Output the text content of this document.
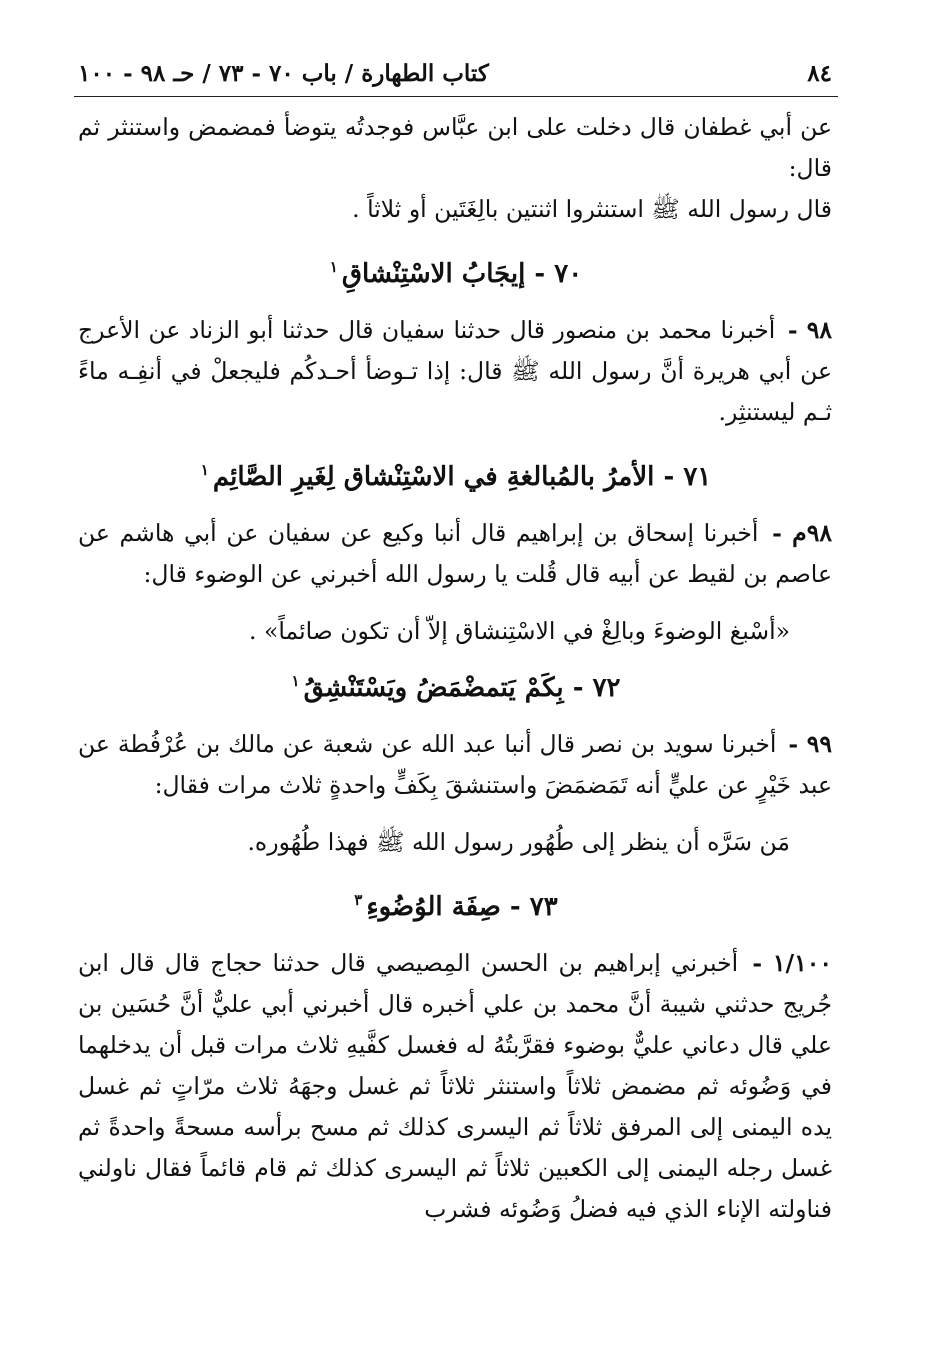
٨٤
كتاب الطهارة / باب ٧٠ - ٧٣ / حـ ٩٨ - ١٠٠

عن أبي غطفان قال دخلت على ابن عبَّاس فوجدتُه يتوضأ فمضمض واستنثر ثم قال:

قال رسول الله ﷺ استنثروا اثنتين بالِغَتَين أو ثلاثاً .

٧٠ - إيجَابُ الاسْتِنْشاقِ$^١$

٩٨ - أخبرنا محمد بن منصور قال حدثنا سفيان قال حدثنا أبو الزناد عن الأعرج عن أبي هريرة أنَّ رسول الله ﷺ قال: إذا تـوضأ أحـدكُم فليجعلْ في أنفِـه ماءً ثـم ليستنثِر.

٧١ - الأمرُ بالمُبالغةِ في الاسْتِنْشاق لِغَيرِ الصَّائِم$^١$

٩٨م - أخبرنا إسحاق بن إبراهيم قال أنبا وكيع عن سفيان عن أبي هاشم عن عاصم بن لقيط عن أبيه قال قُلت يا رسول الله أخبرني عن الوضوء قال:

«أسْبغ الوضوءَ وبالِغْ في الاسْتِنشاق إلاّ أن تكون صائماً» .
٧٢ - بِكَمْ يَتمضْمَضُ ويَسْتَنْشِقُ$^١$

٩٩ - أخبرنا سويد بن نصر قال أنبا عبد الله عن شعبة عن مالك بن عُرْفُطة عن عبد خَيْرٍ عن عليٍّ أنه تَمَضمَضَ واستنشقَ بِكَفٍّ واحدةٍ ثلاث مرات فقال:

مَن سَرَّه أن ينظر إلى طُهُور رسول الله ﷺ فهذا طُهُوره.
٧٣ - صِفَة الوُضُوءِ$^٣$

١/١٠٠ - أخبرني إبراهيم بن الحسن المِصيصي قال حدثنا حجاج قال قال ابن جُريج حدثني شيبة أنَّ محمد بن علي أخبره قال أخبرني أبي عليٌّ أنَّ حُسَين بن علي قال دعاني عليٌّ بوضوء فقرَّبتُهُ له فغسل كفَّيهِ ثلاث مرات قبل أن يدخلهما في وَضُوئه ثم مضمض ثلاثاً واستنثر ثلاثاً ثم غسل وجهَهُ ثلاث مرّاتٍ ثم غسل يده اليمنى إلى المرفق ثلاثاً ثم اليسرى كذلك ثم مسح برأسه مسحةً واحدةً ثم غسل رجله اليمنى إلى الكعبين ثلاثاً ثم اليسرى كذلك ثم قام قائماً فقال ناولني فناولته الإناء الذي فيه فضلُ وَضُوئه فشرب
